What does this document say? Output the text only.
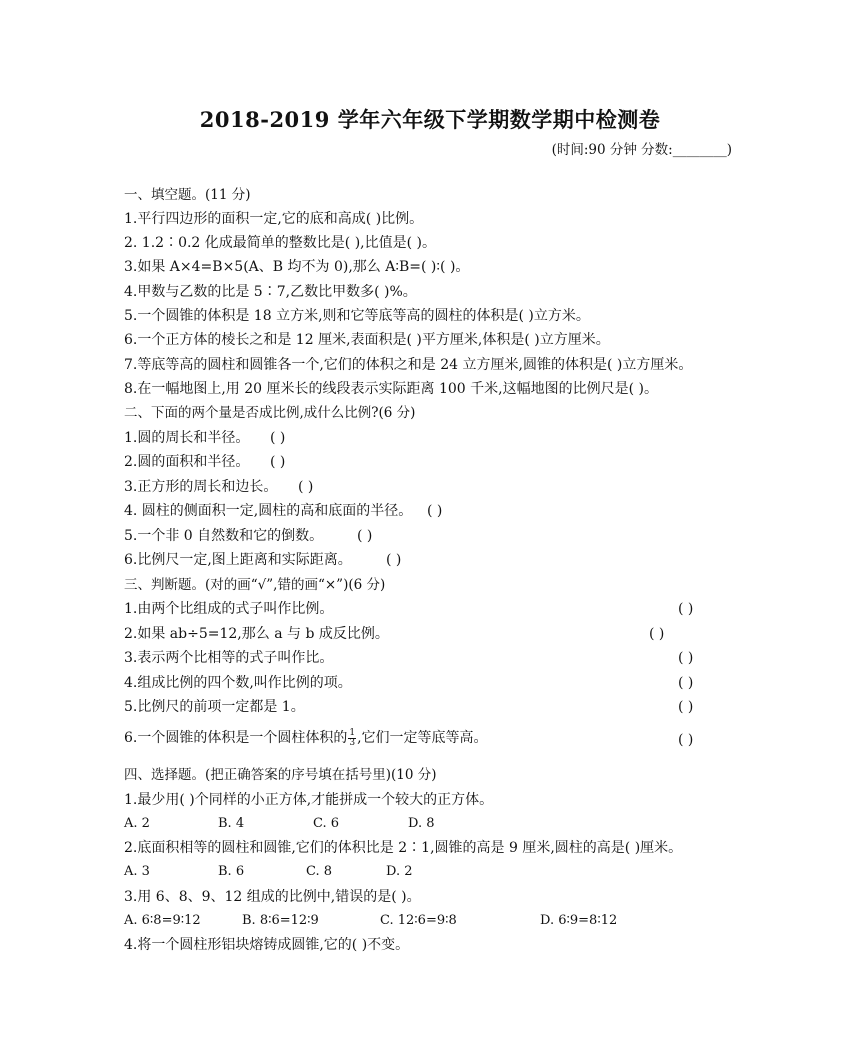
2018-2019 学年六年级下学期数学期中检测卷
(时间:90 分钟 分数:________)
一、填空题。(11 分)
1.平行四边形的面积一定,它的底和高成( )比例。
2. 1.2∶0.2 化成最简单的整数比是( ),比值是( )。
3.如果 A×4=B×5(A、B 均不为 0),那么 A∶B=( )∶( )。
4.甲数与乙数的比是 5∶7,乙数比甲数多( )%。
5.一个圆锥的体积是 18 立方米,则和它等底等高的圆柱的体积是( )立方米。
6.一个正方体的棱长之和是 12 厘米,表面积是( )平方厘米,体积是( )立方厘米。
7.等底等高的圆柱和圆锥各一个,它们的体积之和是 24 立方厘米,圆锥的体积是( )立方厘米。
8.在一幅地图上,用 20 厘米长的线段表示实际距离 100 千米,这幅地图的比例尺是( )。
二、下面的两个量是否成比例,成什么比例?(6 分)
1.圆的周长和半径。 ( )
2.圆的面积和半径。 ( )
3.正方形的周长和边长。 ( )
4. 圆柱的侧面积一定,圆柱的高和底面的半径。 ( )
5.一个非 0 自然数和它的倒数。 ( )
6.比例尺一定,图上距离和实际距离。 ( )
三、判断题。(对的画“√”,错的画“×”)(6 分)
1.由两个比组成的式子叫作比例。	( )
2.如果 ab÷5=12,那么 a 与 b 成反比例。	( )
3.表示两个比相等的式子叫作比。	( )
4.组成比例的四个数,叫作比例的项。	( )
5.比例尺的前项一定都是 1。	( )
6.一个圆锥的体积是一个圆柱体积的 $\frac{1}{3}$ ,它们一定等底等高。	( )
四、选择题。(把正确答案的序号填在括号里)(10 分)
1.最少用( )个同样的小正方体,才能拼成一个较大的正方体。
A. 2	B. 4	C. 6	D. 8
2.底面积相等的圆柱和圆锥,它们的体积比是 2∶1,圆锥的高是 9 厘米,圆柱的高是( )厘米。
A. 3	B. 6	C. 8	D. 2
3.用 6、8、9、12 组成的比例中,错误的是( )。
A. 6∶8=9∶12	B. 8∶6=12∶9	C. 12∶6=9∶8	D. 6∶9=8∶12
4.将一个圆柱形铝块熔铸成圆锥,它的( )不变。
